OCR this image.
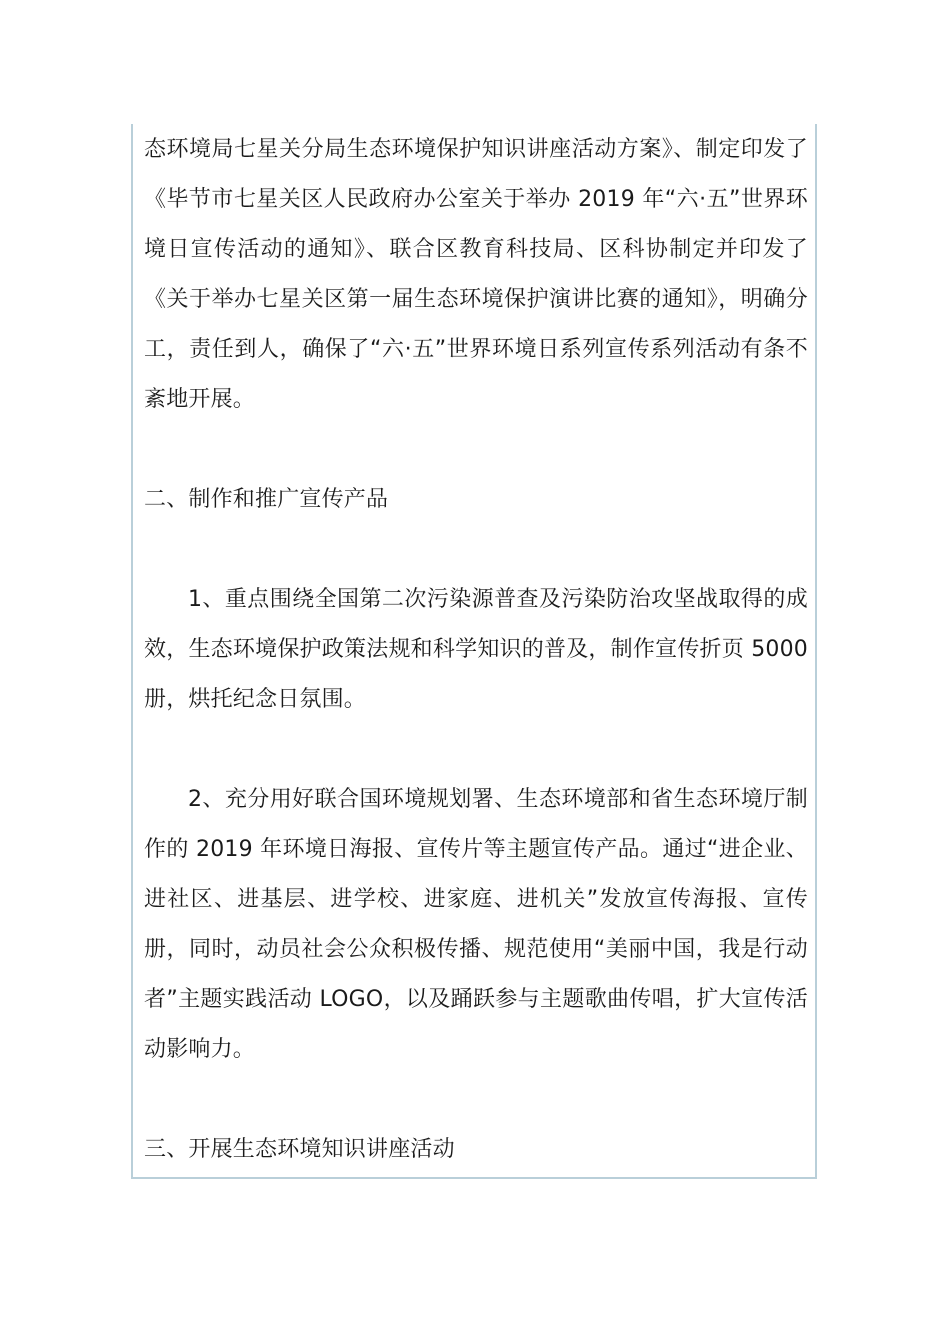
态环境局七星关分局生态环境保护知识讲座活动方案》、制定印发了《毕节市七星关区人民政府办公室关于举办 2019 年“六·五”世界环境日宣传活动的通知》、联合区教育科技局、区科协制定并印发了《关于举办七星关区第一届生态环境保护演讲比赛的通知》，明确分工，责任到人，确保了“六·五”世界环境日系列宣传系列活动有条不紊地开展。

二、制作和推广宣传产品

1、重点围绕全国第二次污染源普查及污染防治攻坚战取得的成效，生态环境保护政策法规和科学知识的普及，制作宣传折页 5000 册，烘托纪念日氛围。

2、充分用好联合国环境规划署、生态环境部和省生态环境厅制作的 2019 年环境日海报、宣传片等主题宣传产品。通过“进企业、进社区、进基层、进学校、进家庭、进机关”发放宣传海报、宣传册，同时，动员社会公众积极传播、规范使用“美丽中国，我是行动者”主题实践活动 LOGO，以及踊跃参与主题歌曲传唱，扩大宣传活动影响力。

三、开展生态环境知识讲座活动
